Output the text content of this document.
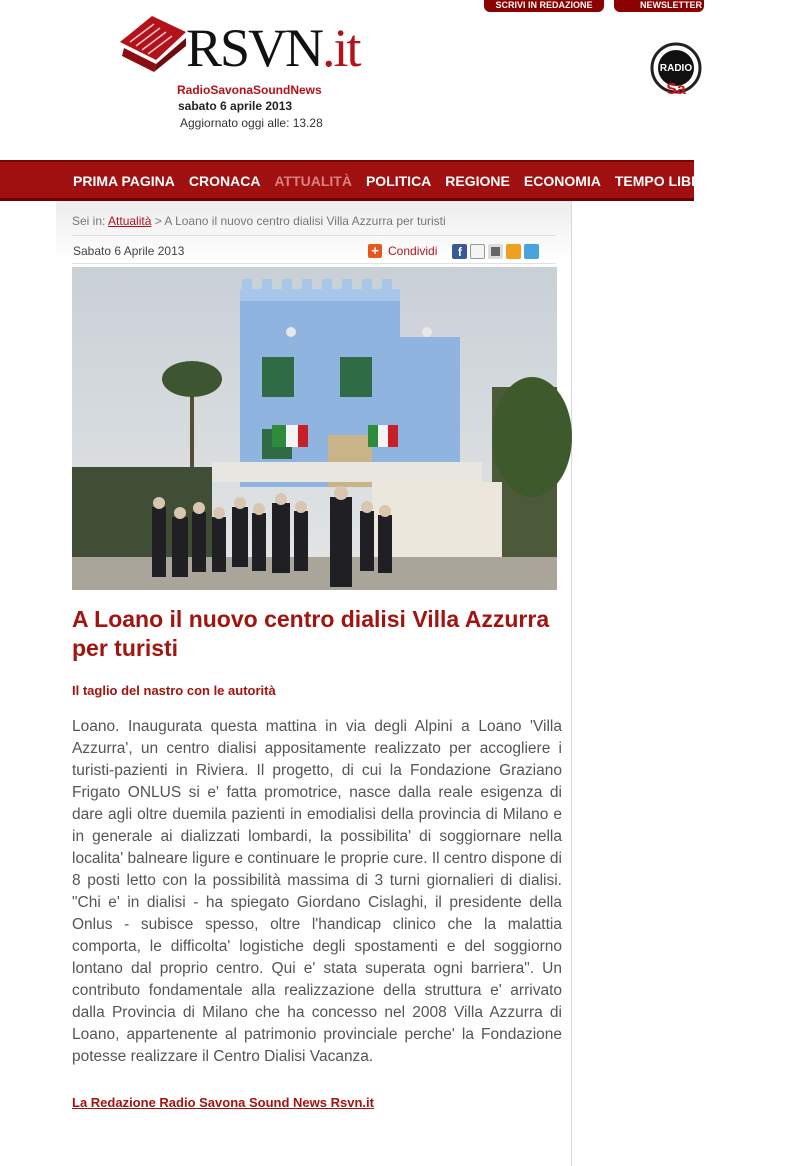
SCRIVI IN REDAZIONE	NEWSLETTER
RSVN.it
RadioSavonaSoundNews
sabato 6 aprile 2013
Aggiornato oggi alle: 13.28
RADIO
Sa
PRIMA PAGINA	CRONACA	ATTUALITÀ	POLITICA	REGIONE	ECONOMIA	TEMPO LIBERO	SPORT
Sei in: Attualità > A Loano il nuovo centro dialisi Villa Azzurra per turisti
Sabato 6 Aprile 2013	+ Condividi	f
A Loano il nuovo centro dialisi Villa Azzurra per turisti
Il taglio del nastro con le autorità

Loano. Inaugurata questa mattina in via degli Alpini a Loano 'Villa Azzurra', un centro dialisi appositamente realizzato per accogliere i turisti-pazienti in Riviera. Il progetto, di cui la Fondazione Graziano Frigato ONLUS si e' fatta promotrice, nasce dalla reale esigenza di dare agli oltre duemila pazienti in emodialisi della provincia di Milano e in generale ai dializzati lombardi, la possibilita' di soggiornare nella localita' balneare ligure e continuare le proprie cure. Il centro dispone di 8 posti letto con la possibilità massima di 3 turni giornalieri di dialisi. "Chi e' in dialisi - ha spiegato Giordano Cislaghi, il presidente della Onlus - subisce spesso, oltre l'handicap clinico che la malattia comporta, le difficolta' logistiche degli spostamenti e del soggiorno lontano dal proprio centro. Qui e' stata superata ogni barriera". Un contributo fondamentale alla realizzazione della struttura e' arrivato dalla Provincia di Milano che ha concesso nel 2008 Villa Azzurra di Loano, appartenente al patrimonio provinciale perche' la Fondazione potesse realizzare il Centro Dialisi Vacanza.

La Redazione Radio Savona Sound News Rsvn.it
